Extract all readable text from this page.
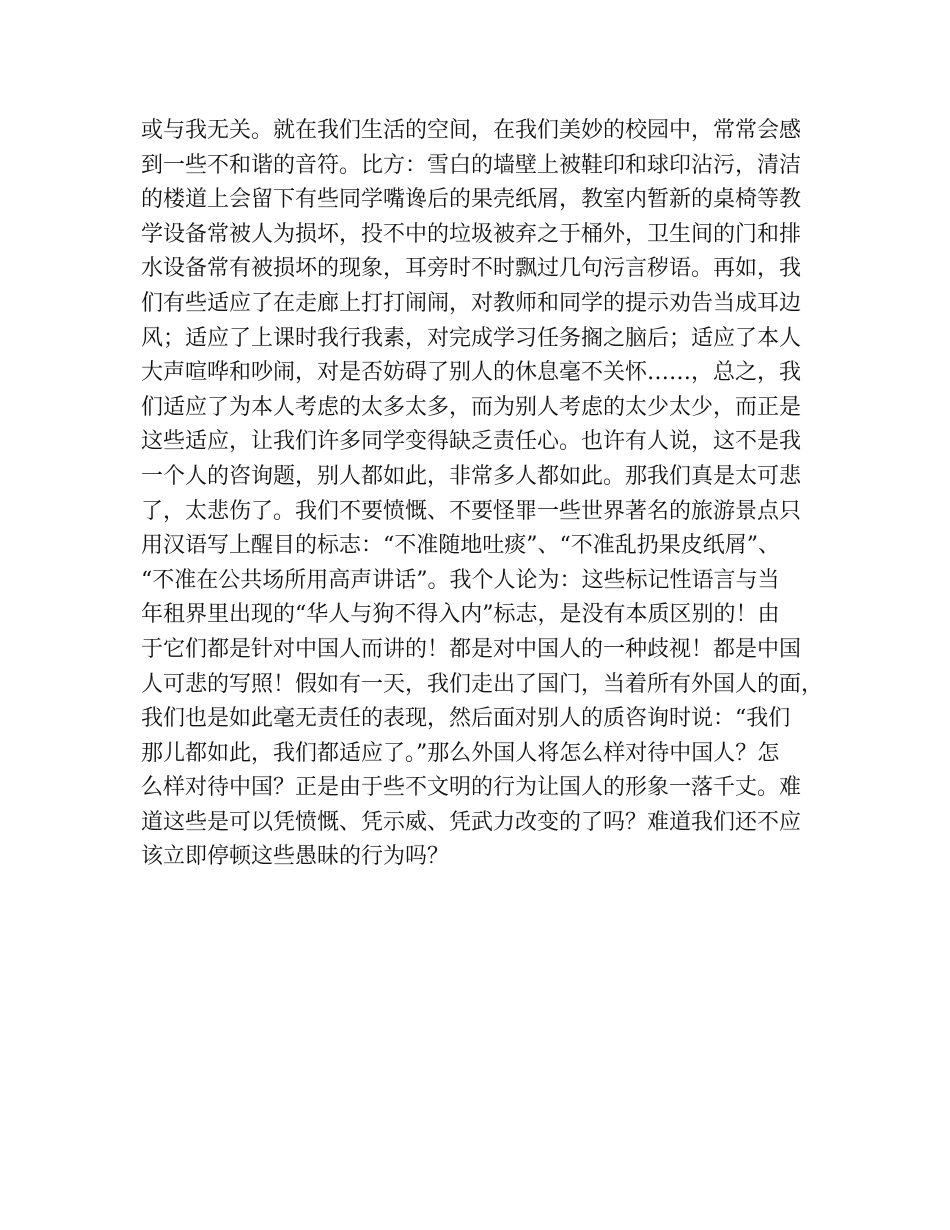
或与我无关。就在我们生活的空间，在我们美妙的校园中，常常会感
到一些不和谐的音符。比方：雪白的墙壁上被鞋印和球印沾污，清洁
的楼道上会留下有些同学嘴谗后的果壳纸屑，教室内暂新的桌椅等教
学设备常被人为损坏，投不中的垃圾被弃之于桶外，卫生间的门和排
水设备常有被损坏的现象，耳旁时不时飘过几句污言秽语。再如，我
们有些适应了在走廊上打打闹闹，对教师和同学的提示劝告当成耳边
风；适应了上课时我行我素，对完成学习任务搁之脑后；适应了本人
大声喧哗和吵闹，对是否妨碍了别人的休息毫不关怀……，总之，我
们适应了为本人考虑的太多太多，而为别人考虑的太少太少，而正是
这些适应，让我们许多同学变得缺乏责任心。也许有人说，这不是我
一个人的咨询题，别人都如此，非常多人都如此。那我们真是太可悲
了，太悲伤了。我们不要愤慨、不要怪罪一些世界著名的旅游景点只
用汉语写上醒目的标志：“不准随地吐痰”、“不准乱扔果皮纸屑”、
“不准在公共场所用高声讲话”。我个人论为：这些标记性语言与当
年租界里出现的“华人与狗不得入内”标志，是没有本质区别的！由
于它们都是针对中国人而讲的！都是对中国人的一种歧视！都是中国
人可悲的写照！假如有一天，我们走出了国门，当着所有外国人的面，
我们也是如此毫无责任的表现，然后面对别人的质咨询时说：“我们
那儿都如此，我们都适应了。”那么外国人将怎么样对待中国人？怎
么样对待中国？正是由于些不文明的行为让国人的形象一落千丈。难
道这些是可以凭愤慨、凭示威、凭武力改变的了吗？难道我们还不应
该立即停顿这些愚昧的行为吗？
